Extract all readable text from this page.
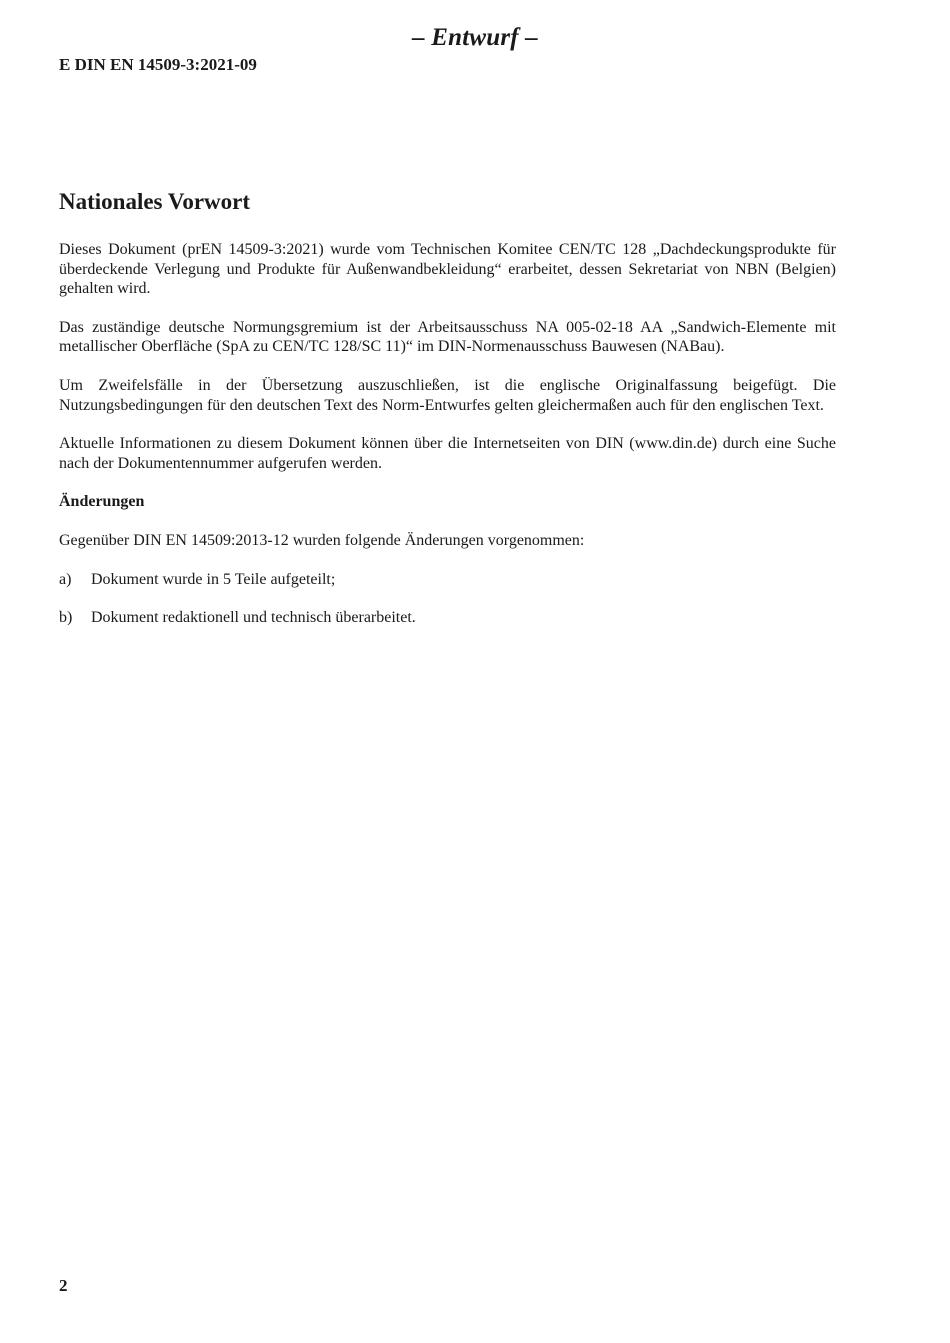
– Entwurf –
E DIN EN 14509-3:2021-09
Nationales Vorwort

Dieses Dokument (prEN 14509-3:2021) wurde vom Technischen Komitee CEN/TC 128 „Dachdeckungsprodukte für überdeckende Verlegung und Produkte für Außenwandbekleidung“ erarbeitet, dessen Sekretariat von NBN (Belgien) gehalten wird.

Das zuständige deutsche Normungsgremium ist der Arbeitsausschuss NA 005-02-18 AA „Sandwich-Elemente mit metallischer Oberfläche (SpA zu CEN/TC 128/SC 11)“ im DIN-Normenausschuss Bauwesen (NABau).

Um Zweifelsfälle in der Übersetzung auszuschließen, ist die englische Originalfassung beigefügt. Die Nutzungsbedingungen für den deutschen Text des Norm-Entwurfes gelten gleichermaßen auch für den englischen Text.

Aktuelle Informationen zu diesem Dokument können über die Internetseiten von DIN (www.din.de) durch eine Suche nach der Dokumentennummer aufgerufen werden.

Änderungen

Gegenüber DIN EN 14509:2013-12 wurden folgende Änderungen vorgenommen:

a)	Dokument wurde in 5 Teile aufgeteilt;
b)	Dokument redaktionell und technisch überarbeitet.
2
